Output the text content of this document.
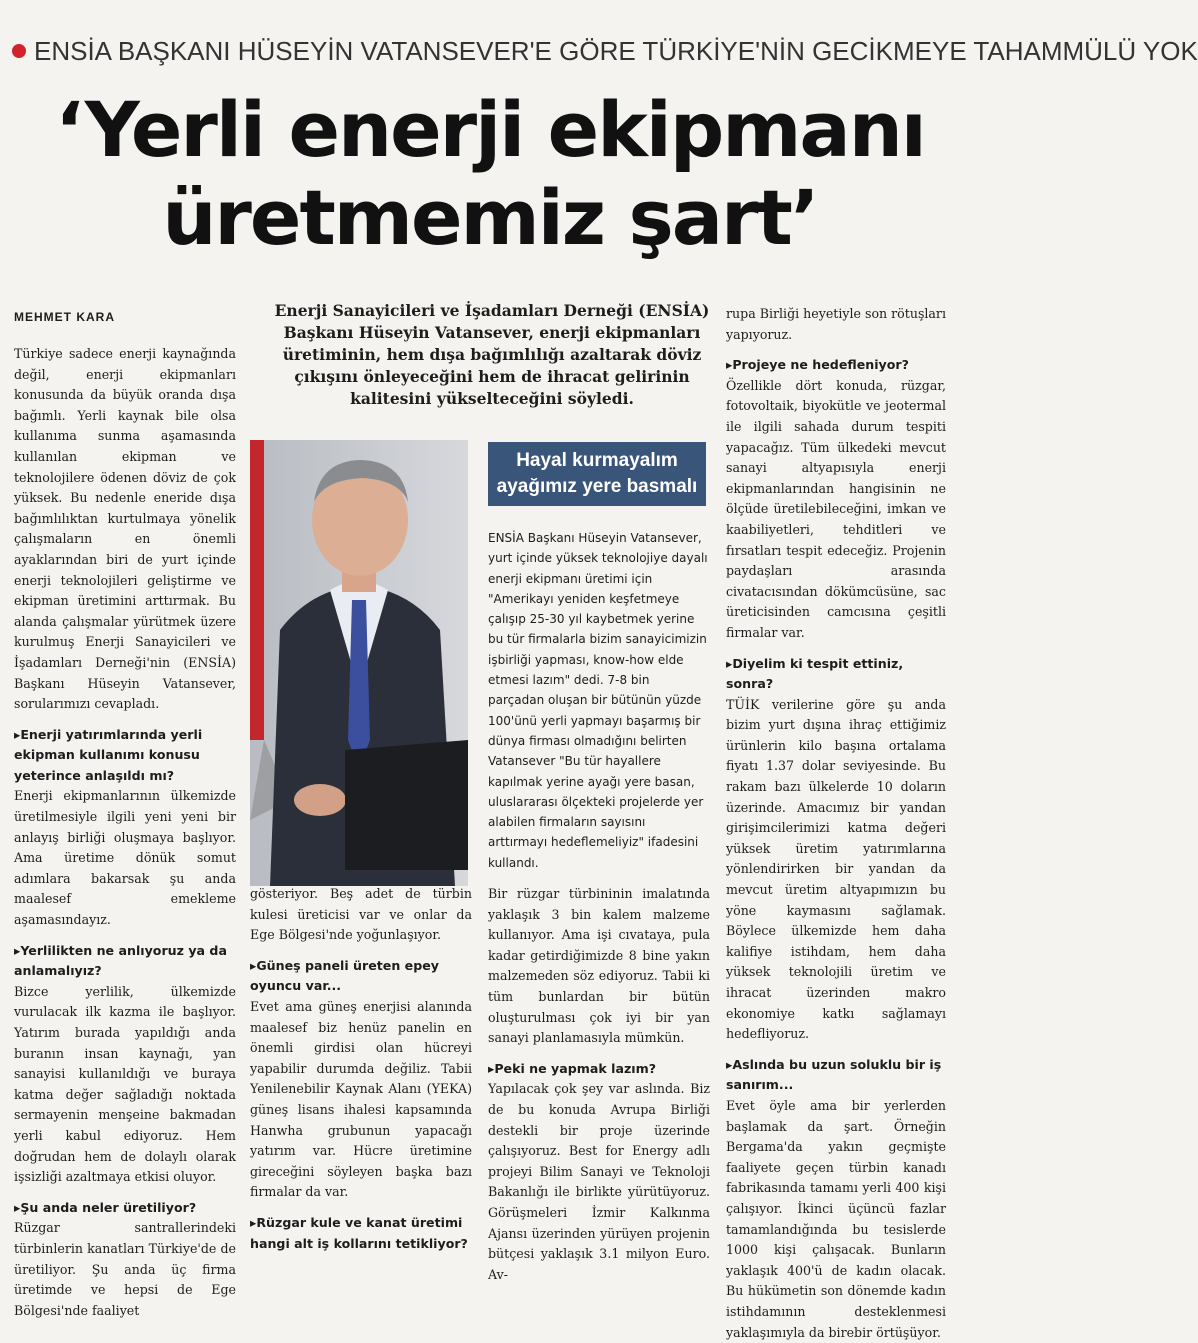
ENSİA BAŞKANI HÜSEYİN VATANSEVER'E GÖRE TÜRKİYE'NİN GECİKMEYE TAHAMMÜLÜ YOK
‘Yerli enerji ekipmanı
üretmemiz şart’
MEHMET KARA	Enerji Sanayicileri ve İşadamları Derneği (ENSİA) Başkanı Hüseyin Vatansever, enerji ekipmanları üretiminin, hem dışa bağımlılığı azaltarak döviz çıkışını önleyeceğini hem de ihracat gelirinin kalitesini yükselteceğini söyledi.

Türkiye sadece enerji kaynağında değil, enerji ekipmanları konusunda da büyük oranda dışa bağımlı. Yerli kaynak bile olsa kullanıma sunma aşamasında kullanılan ekipman ve teknolojilere ödenen döviz de çok yüksek. Bu nedenle eneride dışa bağımlılıktan kurtulmaya yönelik çalışmaların en önemli ayaklarından biri de yurt içinde enerji teknolojileri geliştirme ve ekipman üretimini arttırmak. Bu alanda çalışmalar yürütmek üzere kurulmuş Enerji Sanayicileri ve İşadamları Derneği'nin (ENSİA) Başkanı Hüseyin Vatansever, sorularımızı cevapladı.

▸Enerji yatırımlarında yerli ekipman kullanımı konusu yeterince anlaşıldı mı?

Enerji ekipmanlarının ülkemizde üretilmesiyle ilgili yeni yeni bir anlayış birliği oluşmaya başlıyor. Ama üretime dönük somut adımlara bakarsak şu anda maalesef emekleme aşamasındayız.

▸Yerlilikten ne anlıyoruz ya da anlamalıyız?

Bizce yerlilik, ülkemizde vurulacak ilk kazma ile başlıyor. Yatırım burada yapıldığı anda buranın insan kaynağı, yan sanayisi kullanıldığı ve buraya katma değer sağladığı noktada sermayenin menşeine bakmadan yerli kabul ediyoruz. Hem doğrudan hem de dolaylı olarak işsizliği azaltmaya etkisi oluyor.

▸Şu anda neler üretiliyor?

Rüzgar santrallerindeki türbinlerin kanatları Türkiye'de de üretiliyor. Şu anda üç firma üretimde ve hepsi de Ege Bölgesi'nde faaliyet

Hayal kurmayalım ayağımız yere basmalı

ENSİA Başkanı Hüseyin Vatansever, yurt içinde yüksek teknolojiye dayalı enerji ekipmanı üretimi için "Amerikayı yeniden keşfetmeye çalışıp 25-30 yıl kaybetmek yerine bu tür firmalarla bizim sanayicimizin işbirliği yapması, know-how elde etmesi lazım" dedi. 7-8 bin parçadan oluşan bir bütünün yüzde 100'ünü yerli yapmayı başarmış bir dünya firması olmadığını belirten Vatansever "Bu tür hayallere kapılmak yerine ayağı yere basan, uluslararası ölçekteki projelerde yer alabilen firmaların sayısını arttırmayı hedeflemeliyiz" ifadesini kullandı.

gösteriyor. Beş adet de türbin kulesi üreticisi var ve onlar da Ege Bölgesi'nde yoğunlaşıyor.

▸Güneş paneli üreten epey oyuncu var...

Evet ama güneş enerjisi alanında maalesef biz henüz panelin en önemli girdisi olan hücreyi yapabilir durumda değiliz. Tabii Yenilenebilir Kaynak Alanı (YEKA) güneş lisans ihalesi kapsamında Hanwha grubunun yapacağı yatırım var. Hücre üretimine gireceğini söyleyen başka bazı firmalar da var.

▸Rüzgar kule ve kanat üretimi hangi alt iş kollarını tetikliyor?

Bir rüzgar türbininin imalatında yaklaşık 3 bin kalem malzeme kullanıyor. Ama işi cıvataya, pula kadar getirdiğimizde 8 bine yakın malzemeden söz ediyoruz. Tabii ki tüm bunlardan bir bütün oluşturulması çok iyi bir yan sanayi planlamasıyla mümkün.

▸Peki ne yapmak lazım?

Yapılacak çok şey var aslında. Biz de bu konuda Avrupa Birliği destekli bir proje üzerinde çalışıyoruz. Best for Energy adlı projeyi Bilim Sanayi ve Teknoloji Bakanlığı ile birlikte yürütüyoruz. Görüşmeleri İzmir Kalkınma Ajansı üzerinden yürüyen projenin bütçesi yaklaşık 3.1 milyon Euro. Av-

rupa Birliği heyetiyle son rötuşları yapıyoruz.

▸Projeye ne hedefleniyor?

Özellikle dört konuda, rüzgar, fotovoltaik, biyokütle ve jeotermal ile ilgili sahada durum tespiti yapacağız. Tüm ülkedeki mevcut sanayi altyapısıyla enerji ekipmanlarından hangisinin ne ölçüde üretilebileceğini, imkan ve kaabiliyetleri, tehditleri ve fırsatları tespit edeceğiz. Projenin paydaşları arasında civatacısından dökümcüsüne, sac üreticisinden camcısına çeşitli firmalar var.

▸Diyelim ki tespit ettiniz, sonra?

TÜİK verilerine göre şu anda bizim yurt dışına ihraç ettiğimiz ürünlerin kilo başına ortalama fiyatı 1.37 dolar seviyesinde. Bu rakam bazı ülkelerde 10 doların üzerinde. Amacımız bir yandan girişimcilerimizi katma değeri yüksek üretim yatırımlarına yönlendirirken bir yandan da mevcut üretim altyapımızın bu yöne kaymasını sağlamak. Böylece ülkemizde hem daha kalifiye istihdam, hem daha yüksek teknolojili üretim ve ihracat üzerinden makro ekonomiye katkı sağlamayı hedefliyoruz.

▸Aslında bu uzun soluklu bir iş sanırım...

Evet öyle ama bir yerlerden başlamak da şart. Örneğin Bergama'da yakın geçmişte faaliyete geçen türbin kanadı fabrikasında tamamı yerli 400 kişi çalışıyor. İkinci üçüncü fazlar tamamlandığında bu tesislerde 1000 kişi çalışacak. Bunların yaklaşık 400'ü de kadın olacak. Bu hükümetin son dönemde kadın istihdamının desteklenmesi yaklaşımıyla da birebir örtüşüyor.
